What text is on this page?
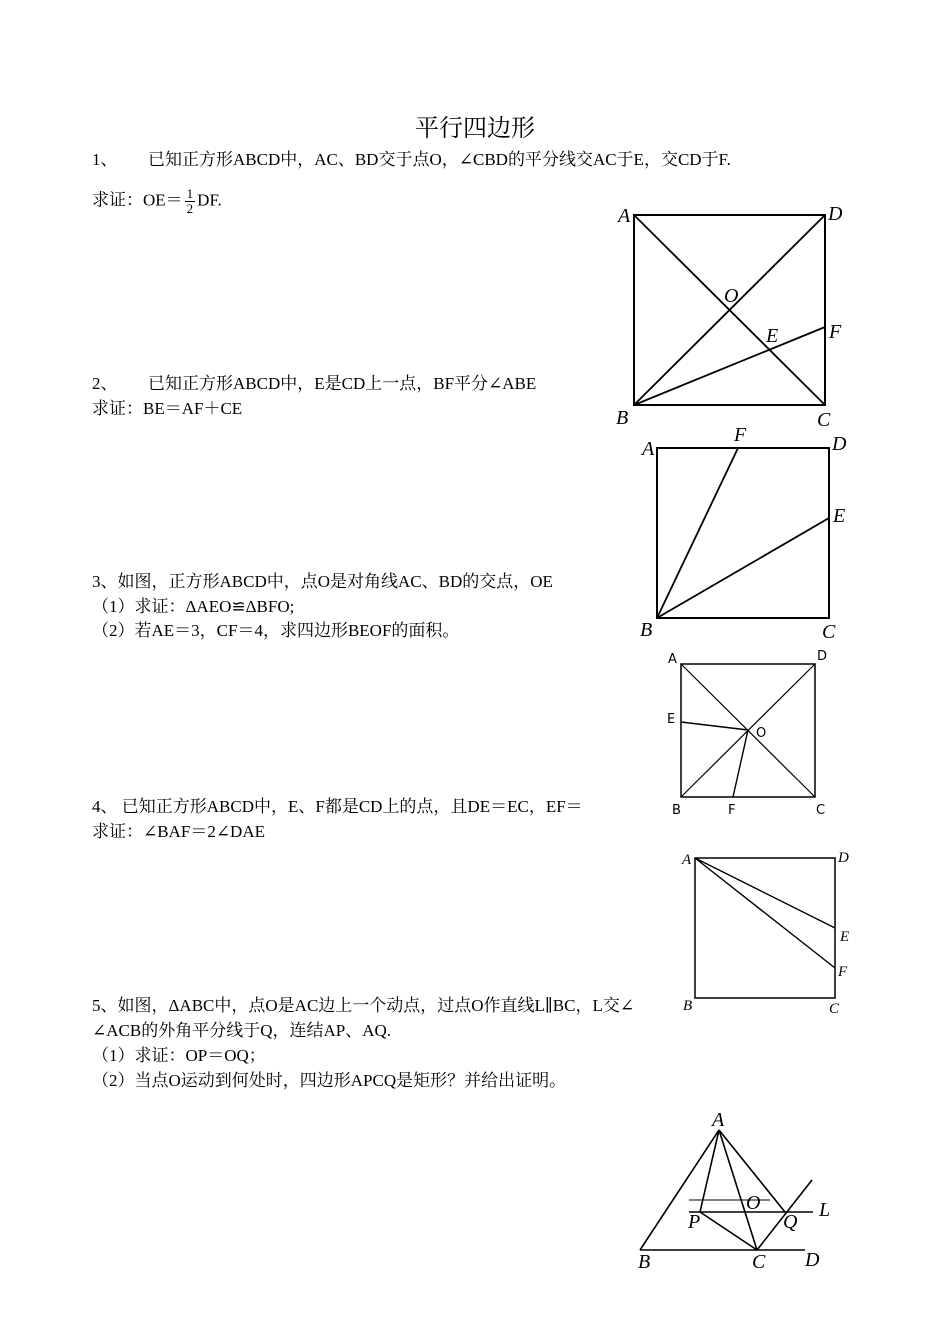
平行四边形
1、 已知正方形ABCD中，AC、BD交于点O，∠CBD的平分线交AC于E，交CD于F.
求证：$OE= \frac{1}{2}$ DF.
A	D
O
E	F
B	C
2、 已知正方形ABCD中，E是CD上一点，BF平分∠ABE
求证：BE＝AF＋CE
A
F	D
E
B	C
3、如图，正方形ABCD中，点O是对角线AC、BD的交点，OE
（1）求证：ΔAEO≌ΔBFO;
（2）若AE＝3，CF＝4，求四边形BEOF的面积。
A	D
E
O
B	F	C
4、 已知正方形ABCD中，E、F都是CD上的点，且DE＝EC，EF＝
求证：∠BAF＝2∠DAE
A	D
E
F
B	C
5、如图，ΔABC中，点O是AC边上一个动点，过点O作直线L∥BC，L交∠
∠ACB的外角平分线于Q，连结AP、AQ.
（1）求证：OP＝OQ；
（2）当点O运动到何处时，四边形APCQ是矩形？并给出证明。
A
O
P	Q
L
B	C D
